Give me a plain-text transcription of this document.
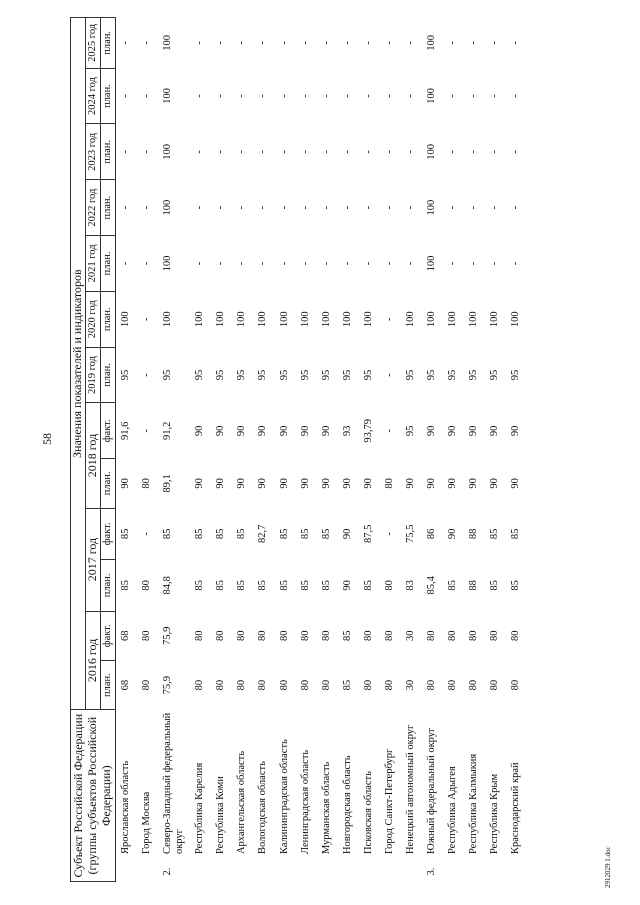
58
2912029 1.doc
Субъект Российской Федерации (группы субъектов Российской Федерации)		Значения показателей и индикаторов												
		2016 год		2017 год		2018 год		2019 год	2020 год	2021 год	2022 год	2023 год	2024 год	2025 год
		план.	факт.	план.	факт.	план.	факт.	план.	план.	план.	план.	план.	план.	план.
	Ярославская область	68	68	85	85	90	91,6	95	100	-	-	-	-	-
	Город Москва	80	80	80	-	80	-	-	-	-	-	-	-	-
2.	Северо-Западный федеральный округ	75,9	75,9	84,8	85	89,1	91,2	95	100	100	100	100	100	100
	Республика Карелия	80	80	85	85	90	90	95	100	-	-	-	-	-
	Республика Коми	80	80	85	85	90	90	95	100	-	-	-	-	-
	Архангельская область	80	80	85	85	90	90	95	100	-	-	-	-	-
	Вологодская область	80	80	85	82,7	90	90	95	100	-	-	-	-	-
	Калининградская область	80	80	85	85	90	90	95	100	-	-	-	-	-
	Ленинградская область	80	80	85	85	90	90	95	100	-	-	-	-	-
	Мурманская область	80	80	85	85	90	90	95	100	-	-	-	-	-
	Новгородская область	85	85	90	90	90	93	95	100	-	-	-	-	-
	Псковская область	80	80	85	87,5	90	93,79	95	100	-	-	-	-	-
	Город Санкт-Петербург	80	80	80	-	80	-	-	-	-	-	-	-	-
	Ненецкий автономный округ	30	30	83	75,5	90	95	95	100	-	-	-	-	-
3.	Южный федеральный округ	80	80	85,4	86	90	90	95	100	100	100	100	100	100
	Республика Адыгея	80	80	85	90	90	90	95	100	-	-	-	-	-
	Республика Калмыкия	80	80	88	88	90	90	95	100	-	-	-	-	-
	Республика Крым	80	80	85	85	90	90	95	100	-	-	-	-	-
	Краснодарский край	80	80	85	85	90	90	95	100	-	-	-	-	-
